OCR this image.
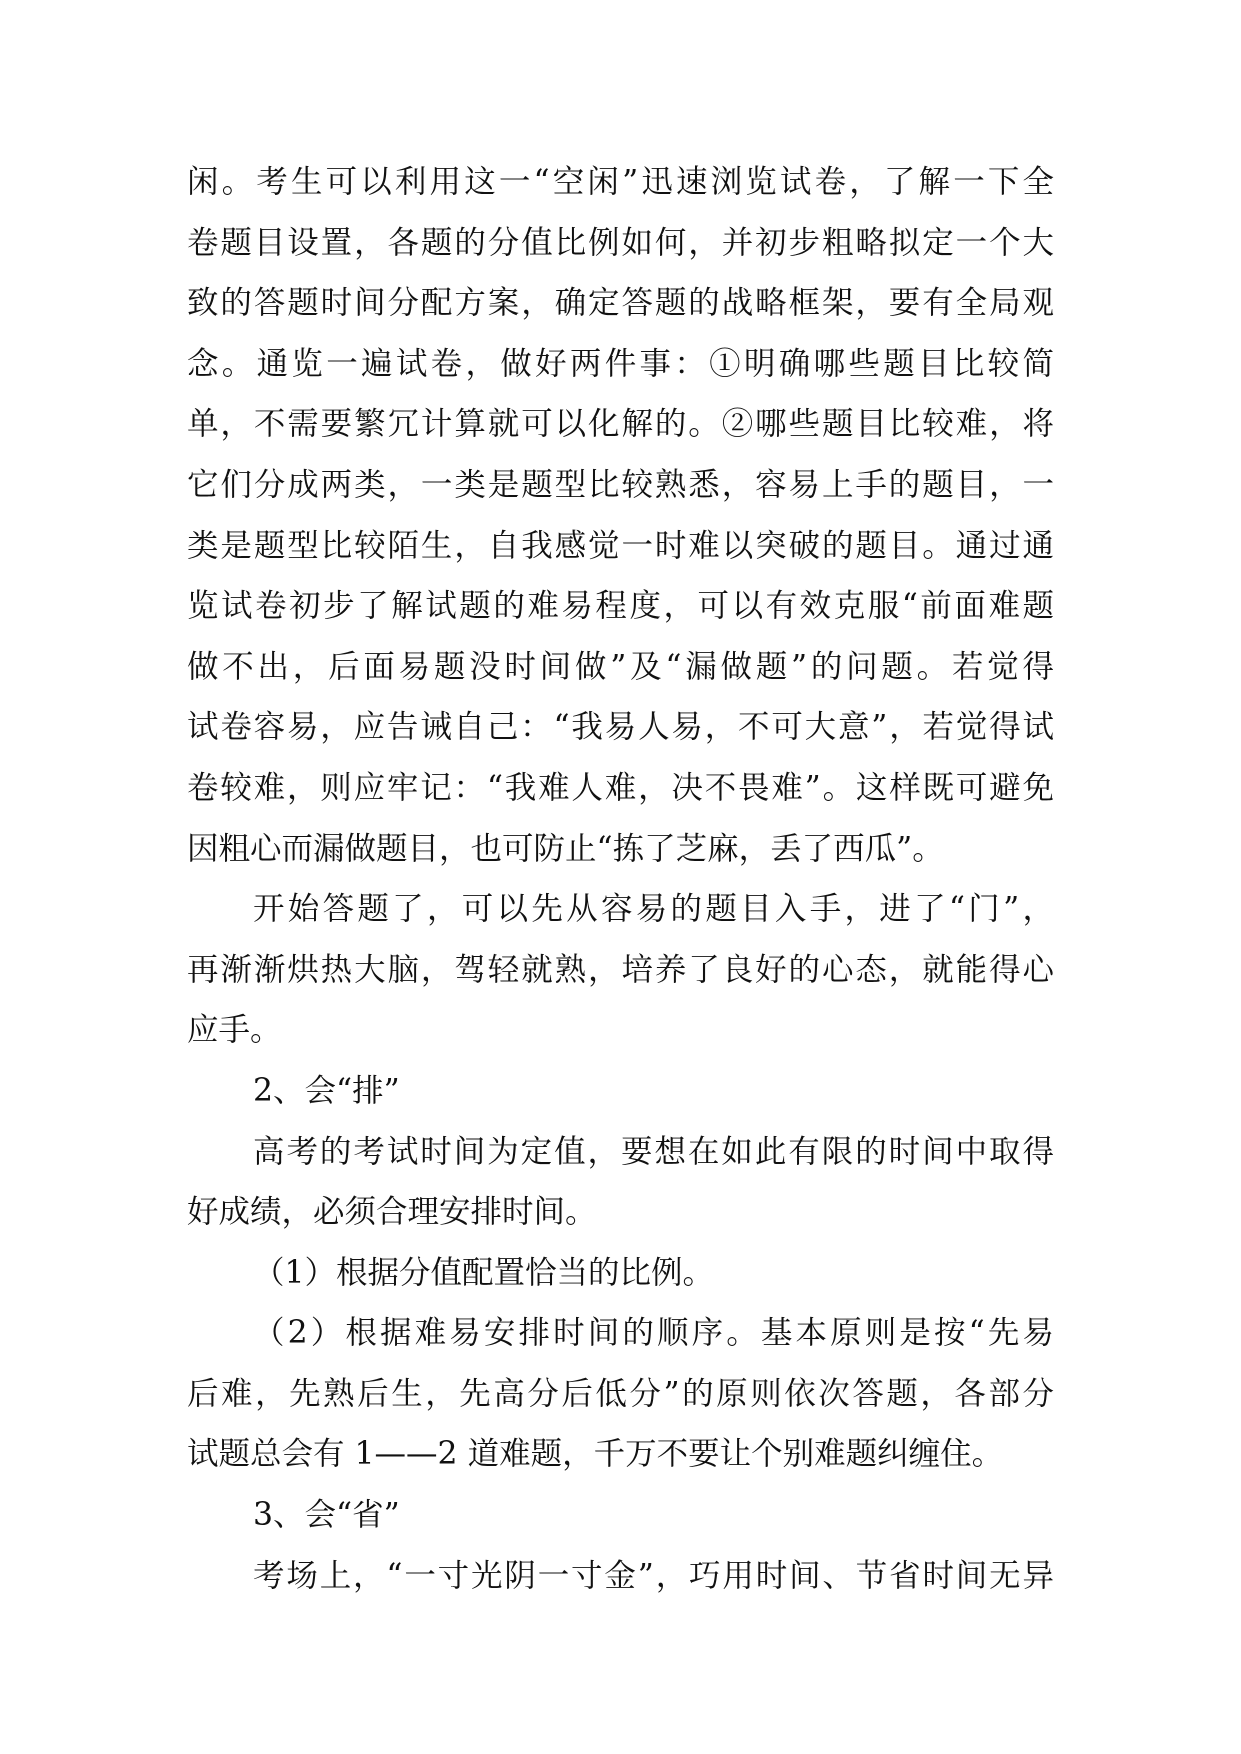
闲。考生可以利用这一“空闲”迅速浏览试卷，了解一下全
卷题目设置，各题的分值比例如何，并初步粗略拟定一个大
致的答题时间分配方案，确定答题的战略框架，要有全局观
念。通览一遍试卷，做好两件事：①明确哪些题目比较简
单，不需要繁冗计算就可以化解的。②哪些题目比较难，将
它们分成两类，一类是题型比较熟悉，容易上手的题目，一
类是题型比较陌生，自我感觉一时难以突破的题目。通过通
览试卷初步了解试题的难易程度，可以有效克服“前面难题
做不出，后面易题没时间做”及“漏做题”的问题。若觉得
试卷容易，应告诫自己：“我易人易，不可大意”，若觉得试
卷较难，则应牢记：“我难人难，决不畏难”。这样既可避免
因粗心而漏做题目，也可防止“拣了芝麻，丢了西瓜”。
开始答题了，可以先从容易的题目入手，进了“门”，
再渐渐烘热大脑，驾轻就熟，培养了良好的心态，就能得心
应手。
2、会“排”
高考的考试时间为定值，要想在如此有限的时间中取得
好成绩，必须合理安排时间。
（1）根据分值配置恰当的比例。
（2）根据难易安排时间的顺序。基本原则是按“先易
后难，先熟后生，先高分后低分”的原则依次答题，各部分
试题总会有 1——2 道难题，千万不要让个别难题纠缠住。
3、会“省”
考场上，“一寸光阴一寸金”，巧用时间、节省时间无异
